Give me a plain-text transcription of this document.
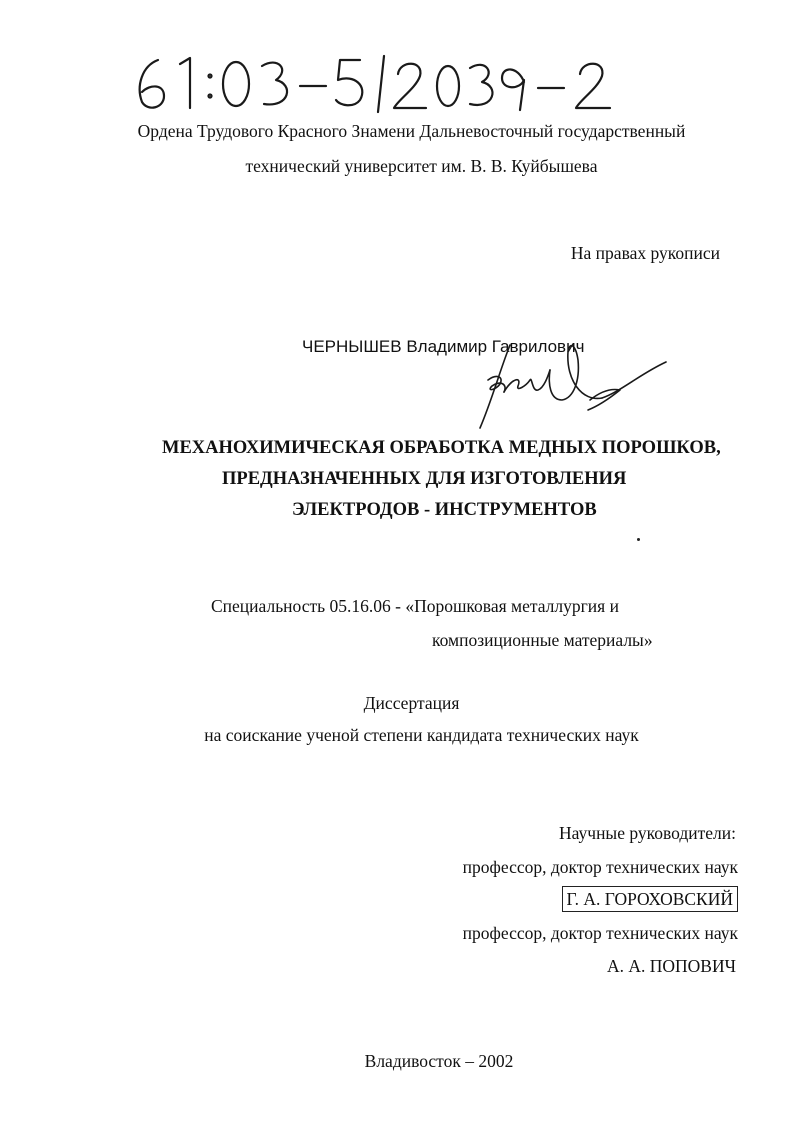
Ордена Трудового Красного Знамени Дальневосточный государственный
технический университет им. В. В. Куйбышева
На правах рукописи
ЧЕРНЫШЕВ Владимир Гаврилович
МЕХАНОХИМИЧЕСКАЯ ОБРАБОТКА МЕДНЫХ ПОРОШКОВ,
ПРЕДНАЗНАЧЕННЫХ ДЛЯ ИЗГОТОВЛЕНИЯ
ЭЛЕКТРОДОВ - ИНСТРУМЕНТОВ
Специальность 05.16.06 - «Порошковая металлургия и
композиционные материалы»
Диссертация
на соискание ученой степени кандидата технических наук
Научные руководители:
профессор, доктор технических наук
Г. А. ГОРОХОВСКИЙ
профессор, доктор технических наук
А. А. ПОПОВИЧ
Владивосток – 2002
